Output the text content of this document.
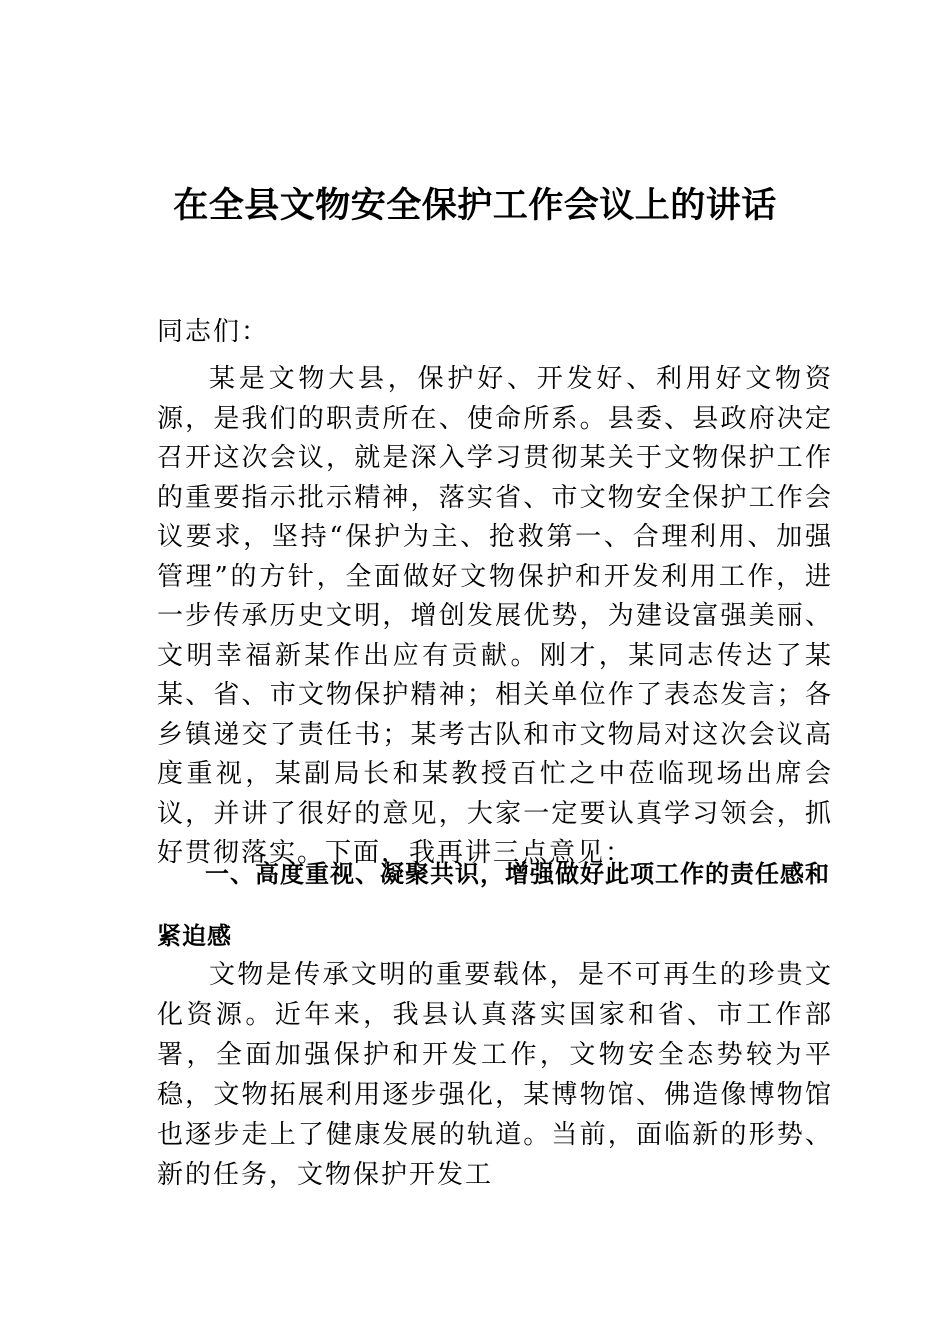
在全县文物安全保护工作会议上的讲话
同志们：
某是文物大县，保护好、开发好、利用好文物资源，是我们的职责所在、使命所系。县委、县政府决定召开这次会议，就是深入学习贯彻某关于文物保护工作的重要指示批示精神，落实省、市文物安全保护工作会议要求，坚持“保护为主、抢救第一、合理利用、加强管理”的方针，全面做好文物保护和开发利用工作，进一步传承历史文明，增创发展优势，为建设富强美丽、文明幸福新某作出应有贡献。刚才，某同志传达了某某、省、市文物保护精神；相关单位作了表态发言；各乡镇递交了责任书；某考古队和市文物局对这次会议高度重视，某副局长和某教授百忙之中莅临现场出席会议，并讲了很好的意见，大家一定要认真学习领会，抓好贯彻落实。下面，我再讲三点意见：
一、高度重视、凝聚共识，增强做好此项工作的责任感和紧迫感
文物是传承文明的重要载体，是不可再生的珍贵文化资源。近年来，我县认真落实国家和省、市工作部署，全面加强保护和开发工作，文物安全态势较为平稳，文物拓展利用逐步强化，某博物馆、佛造像博物馆也逐步走上了健康发展的轨道。当前，面临新的形势、新的任务，文物保护开发工
